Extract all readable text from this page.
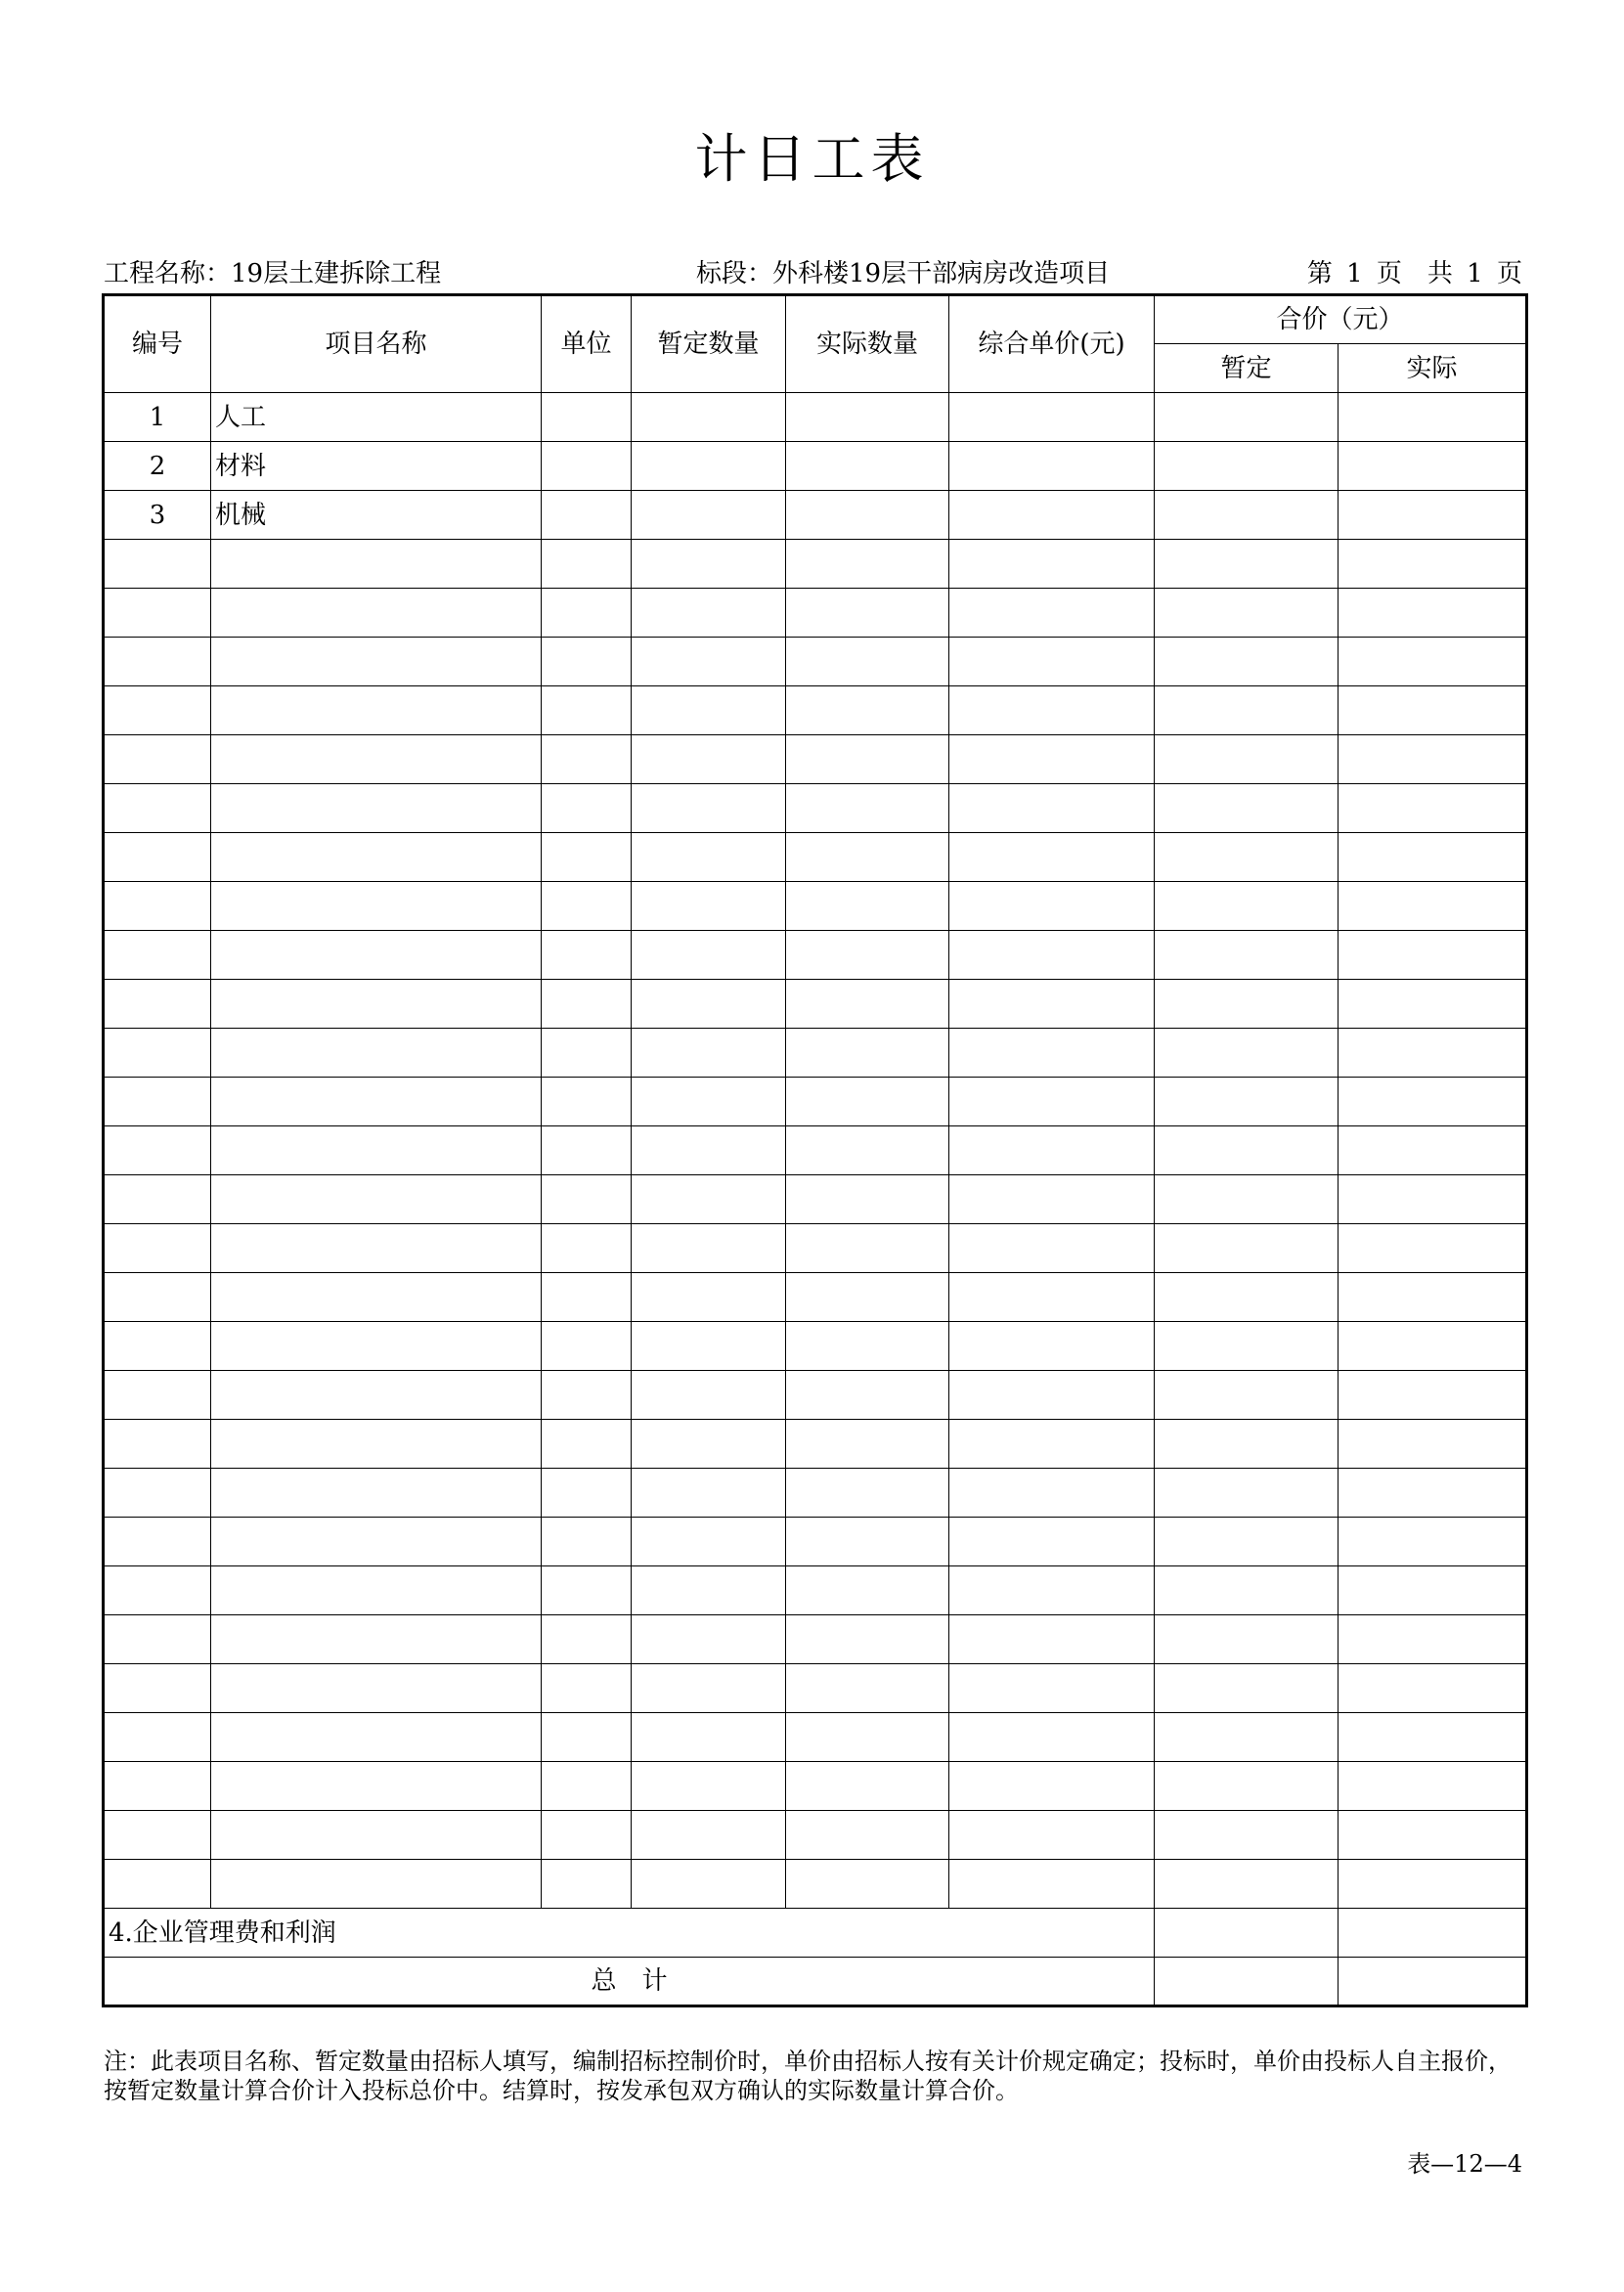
计日工表
工程名称：19层土建拆除工程	标段：外科楼19层干部病房改造项目	第 1 页　共 1 页
编号	项目名称	单位	暂定数量	实际数量	综合单价(元)	合价（元）	
						暂定	实际
1	人工						
2	材料						
3	机械						

4.企业管理费和利润							
总　计							
注：此表项目名称、暂定数量由招标人填写，编制招标控制价时，单价由招标人按有关计价规定确定；投标时，单价由投标人自主报价，按暂定数量计算合价计入投标总价中。结算时，按发承包双方确认的实际数量计算合价。
表—12—4
